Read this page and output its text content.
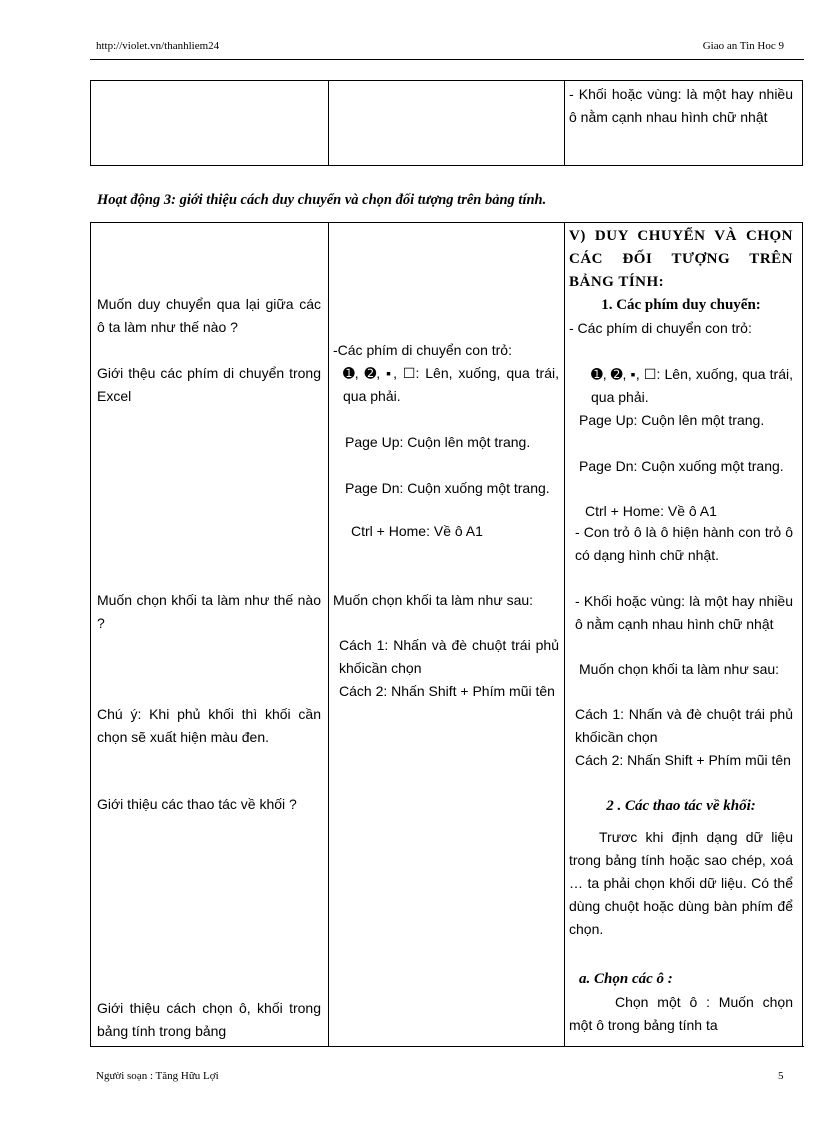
http://violet.vn/thanhliem24	Giao an Tin Hoc 9
- Khối hoặc vùng: là một hay nhiều ô nằm cạnh nhau hình chữ nhật
Hoạt động 3: giới thiệu cách duy chuyển và chọn đối tượng trên bảng tính.
Muốn duy chuyển qua lại giữa các ô ta làm như thế nào ?
Giới thệu các phím di chuyển trong Excel
Muốn chọn khối ta làm như thế nào ?
Chú ý: Khi phủ khối thì khối cần chọn sẽ xuất hiện màu đen.
Giới thiệu các thao tác về khối ?
Giới thiệu cách chọn ô, khối trong bảng tính trong bảng
-Các phím di chuyển con trỏ:
➊, ➋, ▪, ☐: Lên, xuống, qua trái, qua phải.
Page Up: Cuộn lên một trang.
Page Dn: Cuộn xuống một trang.
Ctrl + Home: Về ô A1
Muốn chọn khối ta làm như sau:
Cách 1: Nhấn và đè chuột trái phủ khốicần chọn
Cách 2: Nhấn Shift + Phím mũi tên
V) DUY CHUYỂN VÀ CHỌN CÁC ĐỐI TƯỢNG TRÊN BẢNG TÍNH:
1. Các phím duy chuyển:
- Các phím di chuyển con trỏ:
➊, ➋, ▪, ☐: Lên, xuống, qua trái, qua phải.
Page Up: Cuộn lên một trang.
Page Dn: Cuộn xuống một trang.
Ctrl + Home: Về ô A1
- Con trỏ ô là ô hiện hành con trỏ ô có dạng hình chữ nhật.
- Khối hoặc vùng: là một hay nhiều ô nằm cạnh nhau hình chữ nhật
Muốn chọn khối ta làm như sau:
Cách 1: Nhấn và đè chuột trái phủ khốicần chọn
Cách 2: Nhấn Shift + Phím mũi tên
2 . Các thao tác về khối:
Trươc khi định dạng dữ liệu trong bảng tính hoặc sao chép, xoá … ta phải chọn khối dữ liệu. Có thể dùng chuột hoặc dùng bàn phím để chọn.
a. Chọn các ô :
Chọn một ô : Muốn chọn một ô trong bảng tính ta
Người soạn : Tăng Hữu Lợi	5
